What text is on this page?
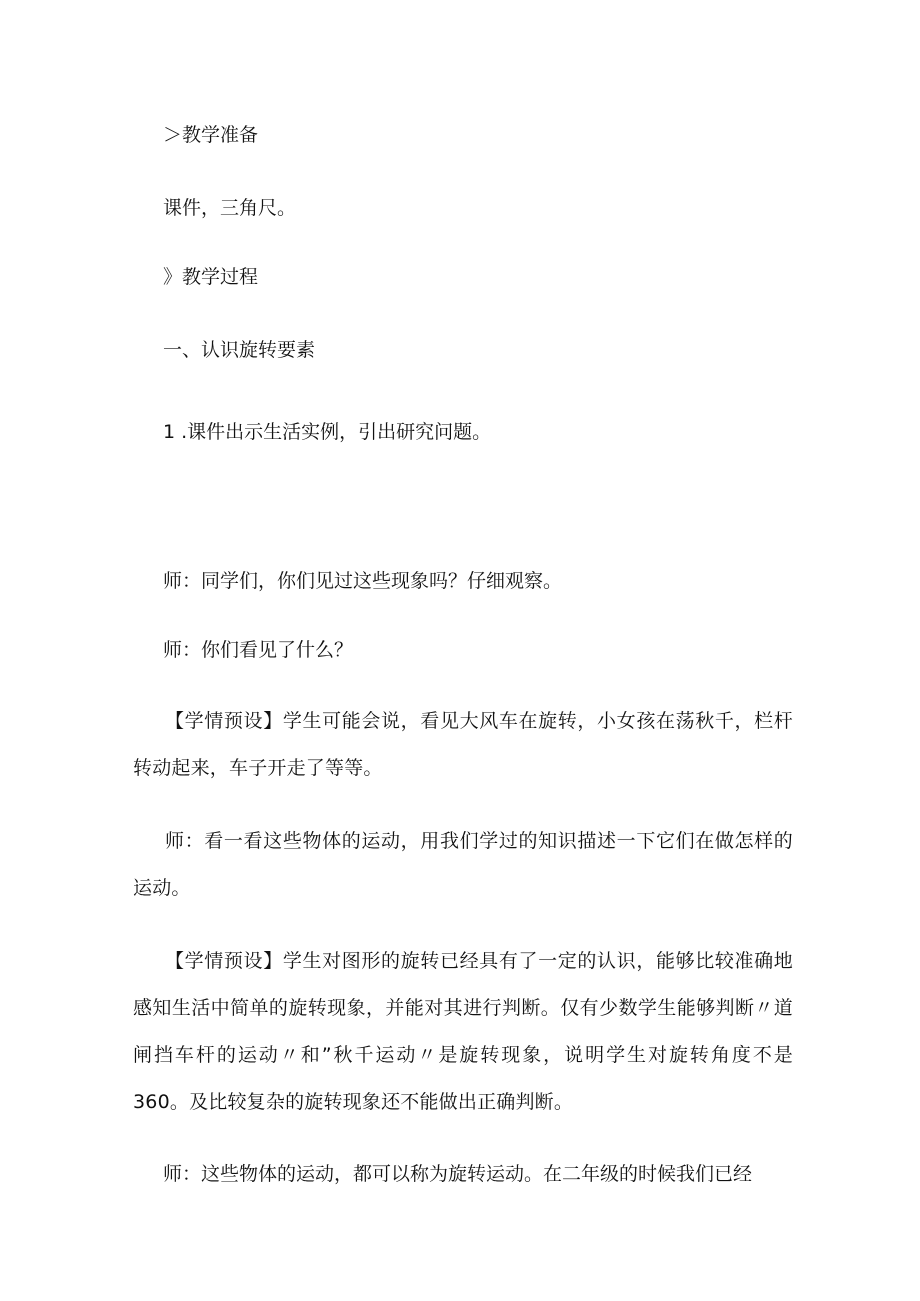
＞教学准备

课件，三角尺。

》教学过程

一、认识旋转要素

1 .课件出示生活实例，引出研究问题。

师：同学们，你们见过这些现象吗？仔细观察。

师：你们看见了什么？

【学情预设】学生可能会说，看见大风车在旋转，小女孩在荡秋千，栏杆转动起来，车子开走了等等。

师：看一看这些物体的运动，用我们学过的知识描述一下它们在做怎样的运动。

【学情预设】学生对图形的旋转已经具有了一定的认识，能够比较准确地感知生活中简单的旋转现象，并能对其进行判断。仅有少数学生能够判断〃道闸挡车杆的运动〃和”秋千运动〃是旋转现象，说明学生对旋转角度不是360。及比较复杂的旋转现象还不能做出正确判断。

师：这些物体的运动，都可以称为旋转运动。在二年级的时候我们已经
